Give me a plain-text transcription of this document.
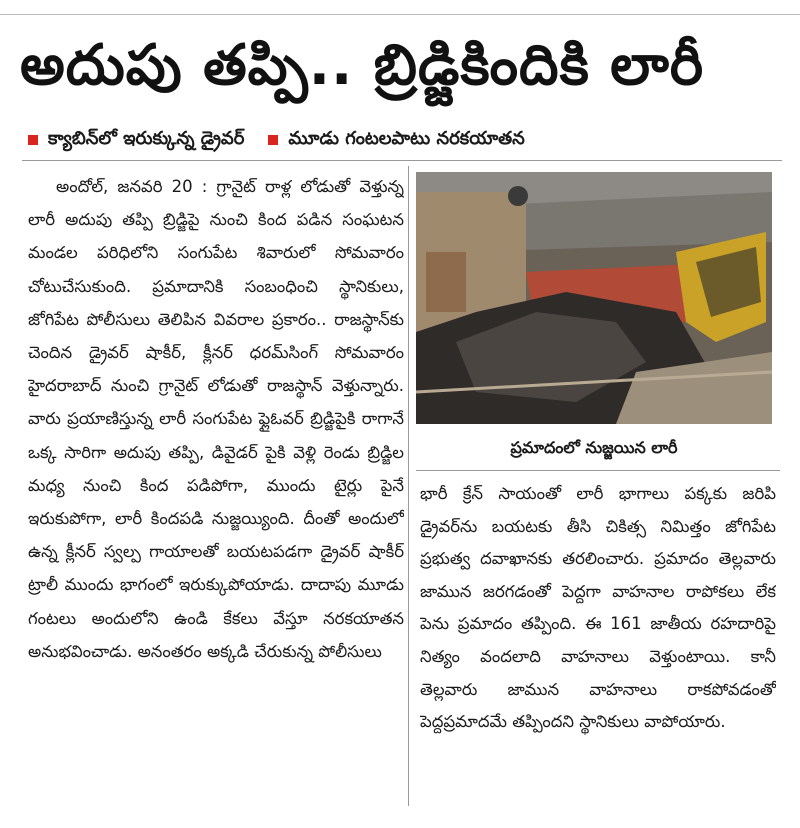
అదుపు తప్పి.. బ్రిడ్జికిందికి లారీ
క్యాబిన్‌లో ఇరుక్కున్న డ్రైవర్ మూడు గంటలపాటు నరకయాతన

అందోల్, జనవరి 20 : గ్రానైట్ రాళ్ల లోడుతో వెళ్తున్న లారీ అదుపు తప్పి బ్రిడ్జిపై నుంచి కింద పడిన సంఘటన మండల పరిధిలోని సంగుపేట శివారులో సోమవారం చోటుచేసుకుంది. ప్రమాదానికి సంబంధించి స్థానికులు, జోగిపేట పోలీసులు తెలిపిన వివరాల ప్రకారం.. రాజస్థాన్‌కు చెందిన డ్రైవర్ షాకీర్, క్లీనర్ ధరమ్‌సింగ్ సోమవారం హైదరాబాద్ నుంచి గ్రానైట్ లోడుతో రాజస్థాన్ వెళ్తున్నారు. వారు ప్రయాణిస్తున్న లారీ సంగుపేట ఫ్లైఓవర్ బ్రిడ్జిపైకి రాగానే ఒక్క సారిగా అదుపు తప్పి, డివైడర్ పైకి వెళ్లి రెండు బ్రిడ్జిల మధ్య నుంచి కింద పడిపోగా, ముందు టైర్లు పైనే ఇరుకుపోగా, లారీ కిందపడి నుజ్జయ్యింది. దీంతో అందులో ఉన్న క్లీనర్ స్వల్ప గాయాలతో బయటపడగా డ్రైవర్ షాకీర్ ట్రాలీ ముందు భాగంలో ఇరుక్కుపోయాడు. దాదాపు మూడు గంటలు అందులోని ఉండి కేకలు వేస్తూ నరకయాతన అనుభవించాడు. అనంతరం అక్కడి చేరుకున్న పోలీసులు

ప్రమాదంలో నుజ్జయిన లారీ

భారీ క్రేన్ సాయంతో లారీ భాగాలు పక్కకు జరిపి డ్రైవర్‌ను బయటకు తీసి చికిత్స నిమిత్తం జోగిపేట ప్రభుత్వ దవాఖానకు తరలించారు. ప్రమాదం తెల్లవారు జామున జరగడంతో పెద్దగా వాహనాల రాపోకలు లేక పెను ప్రమాదం తప్పింది. ఈ 161 జాతీయ రహదారిపై నిత్యం వందలాది వాహనాలు వెళ్తుంటాయి. కానీ తెల్లవారు జామున వాహనాలు రాకపోవడంతో పెద్దప్రమాదమే తప్పిందని స్థానికులు వాపోయారు.
